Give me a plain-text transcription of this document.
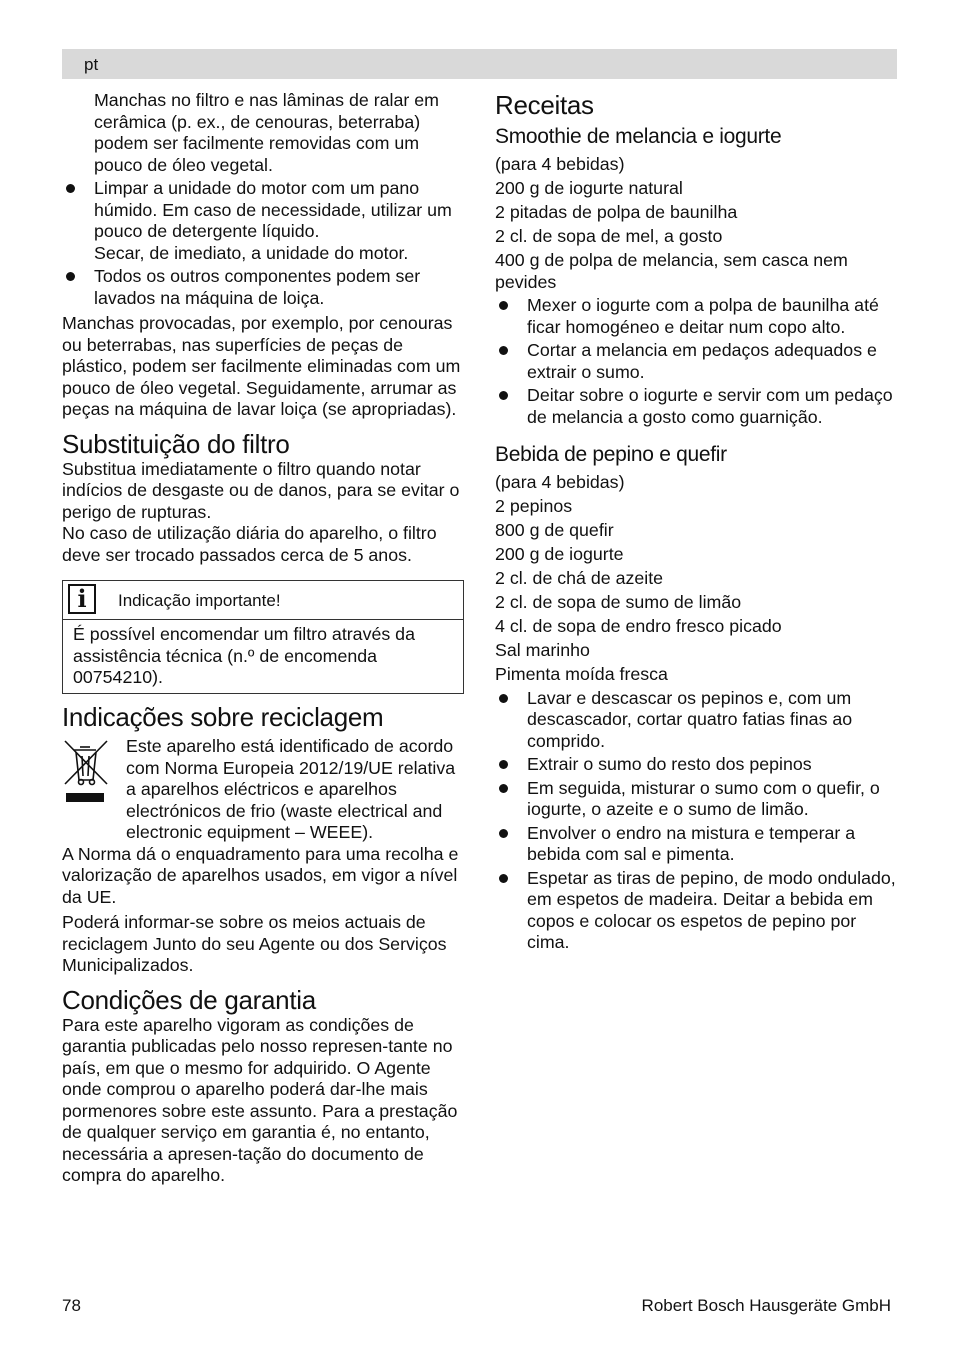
pt

Manchas no filtro e nas lâminas de ralar em cerâmica (p. ex., de cenouras, beterraba) podem ser facilmente removidas com um pouco de óleo vegetal.

Limpar a unidade do motor com um pano húmido. Em caso de necessidade, utilizar um pouco de detergente líquido.
Secar, de imediato, a unidade do motor.
Todos os outros componentes podem ser lavados na máquina de loiça.

Manchas provocadas, por exemplo, por cenouras ou beterrabas, nas superfícies de peças de plástico, podem ser facilmente eliminadas com um pouco de óleo vegetal. Seguidamente, arrumar as peças na máquina de lavar loiça (se apropriadas).

Substituição do filtro

Substitua imediatamente o filtro quando notar indícios de desgaste ou de danos, para se evitar o perigo de rupturas.

No caso de utilização diária do aparelho, o filtro deve ser trocado passados cerca de 5 anos.

i	Indicação importante!

É possível encomendar um filtro através da assistência técnica (n.º de encomenda 00754210).

Indicações sobre reciclagem

Este aparelho está identificado de acordo com Norma Europeia 2012/19/UE relativa a aparelhos eléctricos e aparelhos electrónicos de frio (waste electrical and electronic equipment – WEEE).

A Norma dá o enquadramento para uma recolha e valorização de aparelhos usados, em vigor a nível da UE.

Poderá informar-se sobre os meios actuais de reciclagem Junto do seu Agente ou dos Serviços Municipalizados.

Condições de garantia

Para este aparelho vigoram as condições de garantia publicadas pelo nosso represen-tante no país, em que o mesmo for adquirido. O Agente onde comprou o aparelho poderá dar-lhe mais pormenores sobre este assunto. Para a prestação de qualquer serviço em garantia é, no entanto, necessária a apresen-tação do documento de compra do aparelho.

Receitas
Smoothie de melancia e iogurte
(para 4 bebidas)
200 g de iogurte natural
2 pitadas de polpa de baunilha
2 cl. de sopa de mel, a gosto
400 g de polpa de melancia, sem casca nem pevides
Mexer o iogurte com a polpa de baunilha até ficar homogéneo e deitar num copo alto.
Cortar a melancia em pedaços adequados e extrair o sumo.
Deitar sobre o iogurte e servir com um pedaço de melancia a gosto como guarnição.
Bebida de pepino e quefir
(para 4 bebidas)
2 pepinos
800 g de quefir
200 g de iogurte
2 cl. de chá de azeite
2 cl. de sopa de sumo de limão
4 cl. de sopa de endro fresco picado
Sal marinho
Pimenta moída fresca
Lavar e descascar os pepinos e, com um descascador, cortar quatro fatias finas ao comprido.
Extrair o sumo do resto dos pepinos
Em seguida, misturar o sumo com o quefir, o iogurte, o azeite e o sumo de limão.
Envolver o endro na mistura e temperar a bebida com sal e pimenta.
Espetar as tiras de pepino, de modo ondulado, em espetos de madeira. Deitar a bebida em copos e colocar os espetos de pepino por cima.
78	Robert Bosch Hausgeräte GmbH
